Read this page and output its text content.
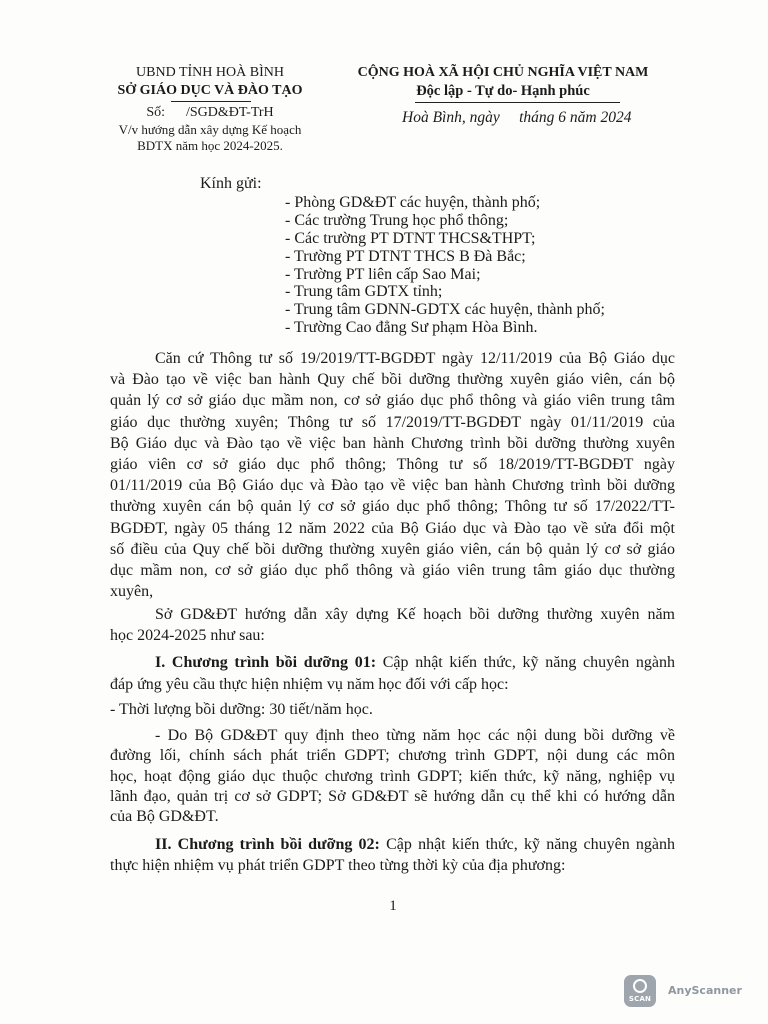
UBND TỈNH HOÀ BÌNH
SỞ GIÁO DỤC VÀ ĐÀO TẠO
Số:      /SGD&ĐT-TrH
V/v hướng dẫn xây dựng Kế hoạch
BDTX năm học 2024-2025.
CỘNG HOÀ XÃ HỘI CHỦ NGHĨA VIỆT NAM
Độc lập - Tự do- Hạnh phúc
Hoà Bình, ngày     tháng 6 năm 2024
Kính gửi:
- Phòng GD&ĐT các huyện, thành phố;
- Các trường Trung học phổ thông;
- Các trường PT DTNT THCS&THPT;
- Trường PT DTNT THCS B Đà Bắc;
- Trường PT liên cấp Sao Mai;
- Trung tâm GDTX tỉnh;
- Trung tâm GDNN-GDTX các huyện, thành phố;
- Trường Cao đẳng Sư phạm Hòa Bình.
Căn cứ Thông tư số 19/2019/TT-BGDĐT ngày 12/11/2019 của Bộ Giáo dục
và Đào tạo về việc ban hành Quy chế bồi dưỡng thường xuyên giáo viên, cán bộ
quản lý cơ sở giáo dục mầm non, cơ sở giáo dục phổ thông và giáo viên trung tâm
giáo dục thường xuyên; Thông tư số 17/2019/TT-BGDĐT ngày 01/11/2019 của
Bộ Giáo dục và Đào tạo về việc ban hành Chương trình bồi dưỡng thường xuyên
giáo viên cơ sở giáo dục phổ thông; Thông tư số 18/2019/TT-BGDĐT ngày
01/11/2019 của Bộ Giáo dục và Đào tạo về việc ban hành Chương trình bồi dưỡng
thường xuyên cán bộ quản lý cơ sở giáo dục phổ thông; Thông tư số 17/2022/TT-
BGDĐT, ngày 05 tháng 12 năm 2022 của Bộ Giáo dục và Đào tạo về sửa đổi một
số điều của Quy chế bồi dưỡng thường xuyên giáo viên, cán bộ quản lý cơ sở giáo
dục mầm non, cơ sở giáo dục phổ thông và giáo viên trung tâm giáo dục thường
xuyên,
Sở GD&ĐT hướng dẫn xây dựng Kế hoạch bồi dưỡng thường xuyên năm
học 2024-2025 như sau:
I. Chương trình bồi dưỡng 01: Cập nhật kiến thức, kỹ năng chuyên ngành
đáp ứng yêu cầu thực hiện nhiệm vụ năm học đối với cấp học:
- Thời lượng bồi dưỡng: 30 tiết/năm học.
- Do Bộ GD&ĐT quy định theo từng năm học các nội dung bồi dưỡng về
đường lối, chính sách phát triển GDPT; chương trình GDPT, nội dung các môn
học, hoạt động giáo dục thuộc chương trình GDPT; kiến thức, kỹ năng, nghiệp vụ
lãnh đạo, quản trị cơ sở GDPT; Sở GD&ĐT sẽ hướng dẫn cụ thể khi có hướng dẫn
của Bộ GD&ĐT.
II. Chương trình bồi dưỡng 02: Cập nhật kiến thức, kỹ năng chuyên ngành
thực hiện nhiệm vụ phát triển GDPT theo từng thời kỳ của địa phương:
1
SCAN
AnyScanner
